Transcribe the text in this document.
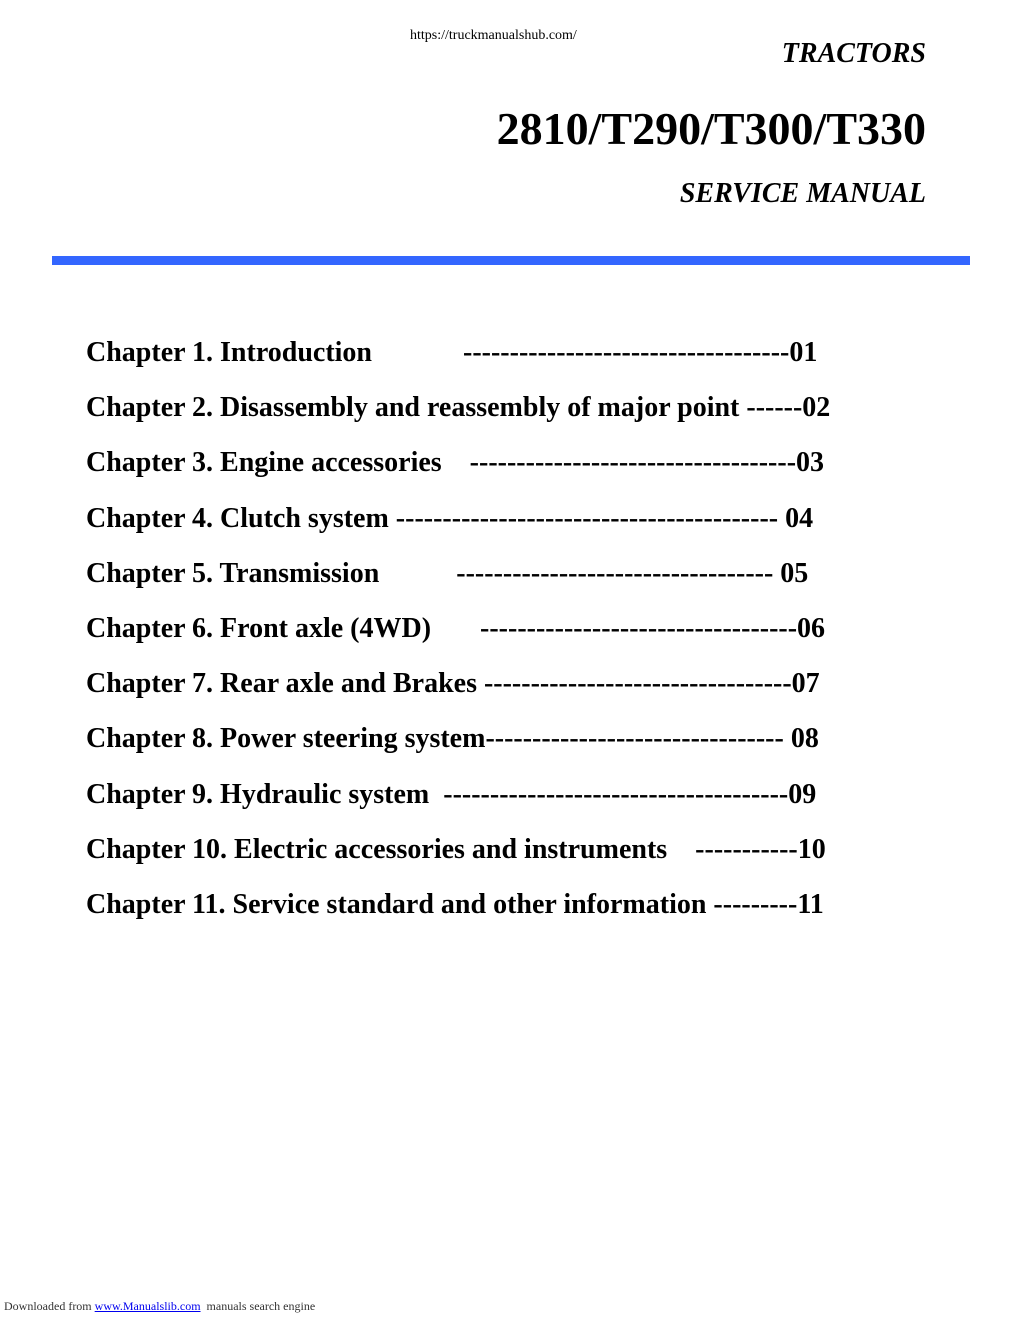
https://truckmanualshub.com/
TRACTORS
2810/T290/T300/T330
SERVICE MANUAL
Chapter 1. Introduction             -----------------------------------01
Chapter 2. Disassembly and reassembly of major point ------02
Chapter 3. Engine accessories    -----------------------------------03
Chapter 4. Clutch system ----------------------------------------- 04
Chapter 5. Transmission           ---------------------------------- 05
Chapter 6. Front axle (4WD)       ----------------------------------06
Chapter 7. Rear axle and Brakes ---------------------------------07
Chapter 8. Power steering system-------------------------------- 08
Chapter 9. Hydraulic system  -------------------------------------09
Chapter 10. Electric accessories and instruments    -----------10
Chapter 11. Service standard and other information ---------11
Downloaded from www.Manualslib.com  manuals search engine
